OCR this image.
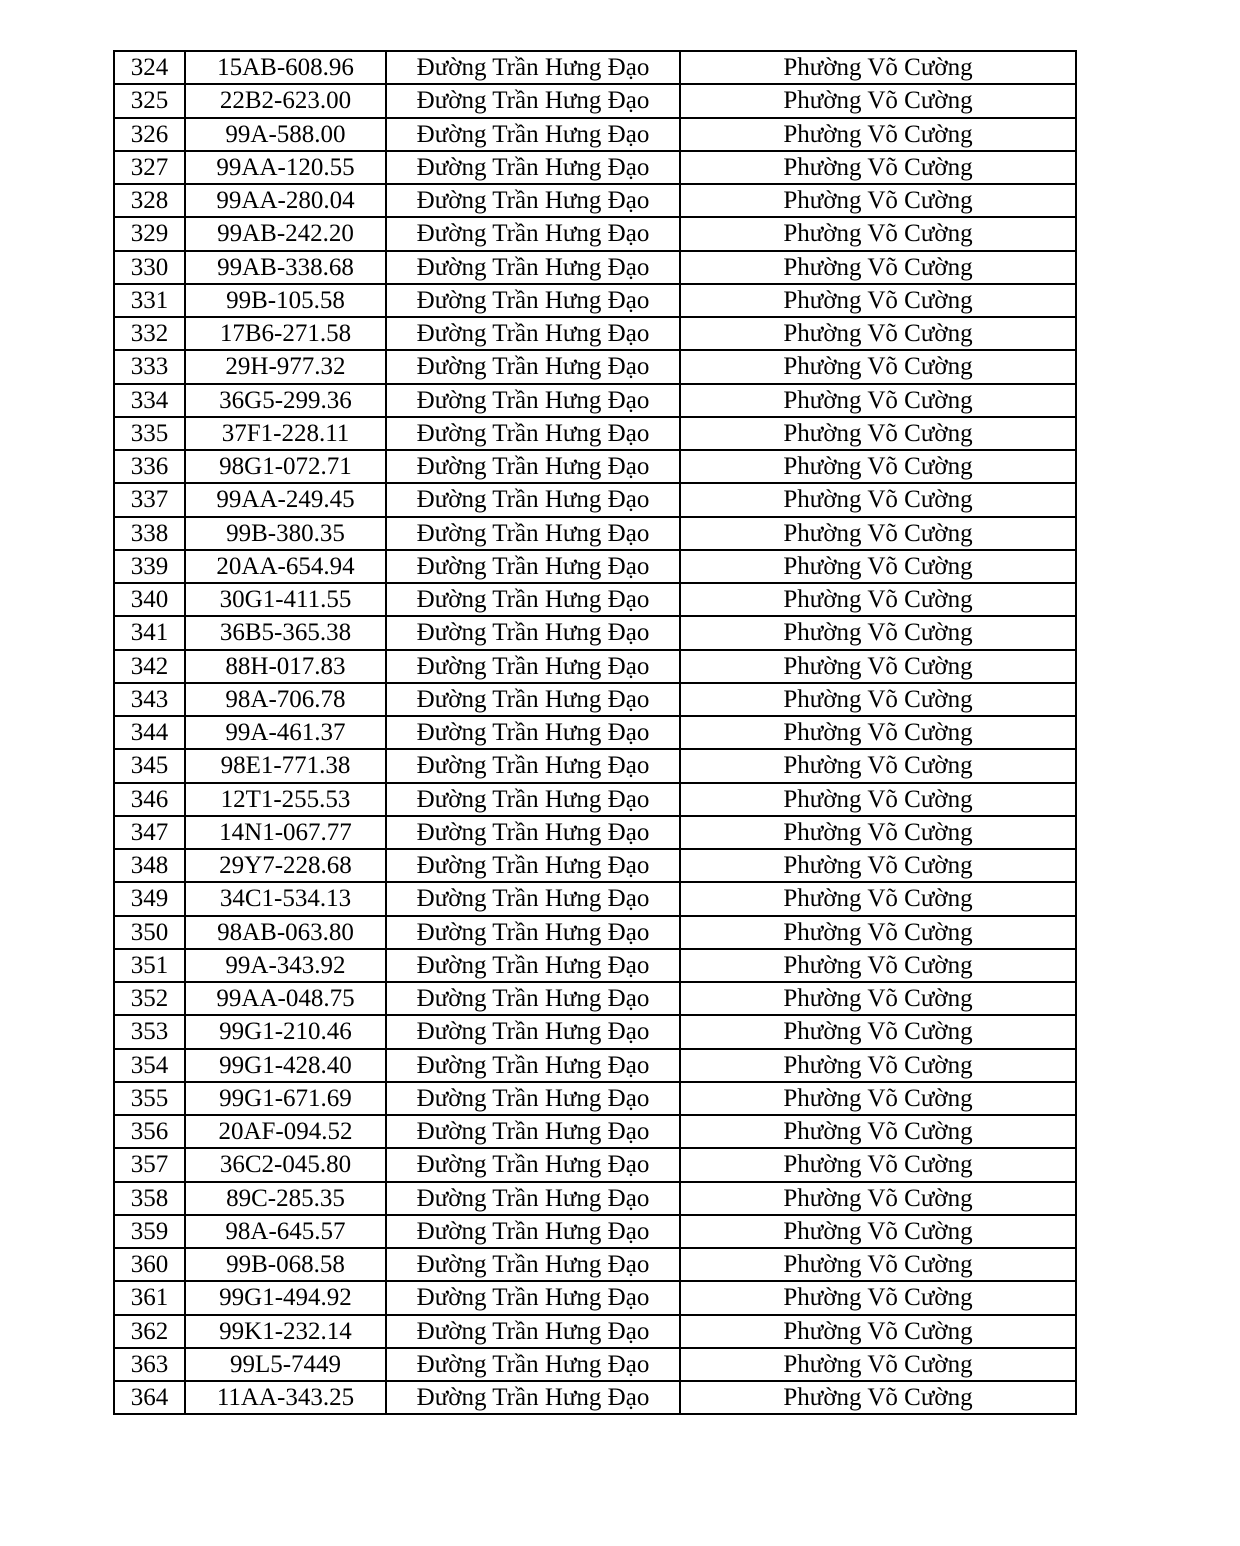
324	15AB-608.96	Đường Trần Hưng Đạo	Phường Võ Cường
325	22B2-623.00	Đường Trần Hưng Đạo	Phường Võ Cường
326	99A-588.00	Đường Trần Hưng Đạo	Phường Võ Cường
327	99AA-120.55	Đường Trần Hưng Đạo	Phường Võ Cường
328	99AA-280.04	Đường Trần Hưng Đạo	Phường Võ Cường
329	99AB-242.20	Đường Trần Hưng Đạo	Phường Võ Cường
330	99AB-338.68	Đường Trần Hưng Đạo	Phường Võ Cường
331	99B-105.58	Đường Trần Hưng Đạo	Phường Võ Cường
332	17B6-271.58	Đường Trần Hưng Đạo	Phường Võ Cường
333	29H-977.32	Đường Trần Hưng Đạo	Phường Võ Cường
334	36G5-299.36	Đường Trần Hưng Đạo	Phường Võ Cường
335	37F1-228.11	Đường Trần Hưng Đạo	Phường Võ Cường
336	98G1-072.71	Đường Trần Hưng Đạo	Phường Võ Cường
337	99AA-249.45	Đường Trần Hưng Đạo	Phường Võ Cường
338	99B-380.35	Đường Trần Hưng Đạo	Phường Võ Cường
339	20AA-654.94	Đường Trần Hưng Đạo	Phường Võ Cường
340	30G1-411.55	Đường Trần Hưng Đạo	Phường Võ Cường
341	36B5-365.38	Đường Trần Hưng Đạo	Phường Võ Cường
342	88H-017.83	Đường Trần Hưng Đạo	Phường Võ Cường
343	98A-706.78	Đường Trần Hưng Đạo	Phường Võ Cường
344	99A-461.37	Đường Trần Hưng Đạo	Phường Võ Cường
345	98E1-771.38	Đường Trần Hưng Đạo	Phường Võ Cường
346	12T1-255.53	Đường Trần Hưng Đạo	Phường Võ Cường
347	14N1-067.77	Đường Trần Hưng Đạo	Phường Võ Cường
348	29Y7-228.68	Đường Trần Hưng Đạo	Phường Võ Cường
349	34C1-534.13	Đường Trần Hưng Đạo	Phường Võ Cường
350	98AB-063.80	Đường Trần Hưng Đạo	Phường Võ Cường
351	99A-343.92	Đường Trần Hưng Đạo	Phường Võ Cường
352	99AA-048.75	Đường Trần Hưng Đạo	Phường Võ Cường
353	99G1-210.46	Đường Trần Hưng Đạo	Phường Võ Cường
354	99G1-428.40	Đường Trần Hưng Đạo	Phường Võ Cường
355	99G1-671.69	Đường Trần Hưng Đạo	Phường Võ Cường
356	20AF-094.52	Đường Trần Hưng Đạo	Phường Võ Cường
357	36C2-045.80	Đường Trần Hưng Đạo	Phường Võ Cường
358	89C-285.35	Đường Trần Hưng Đạo	Phường Võ Cường
359	98A-645.57	Đường Trần Hưng Đạo	Phường Võ Cường
360	99B-068.58	Đường Trần Hưng Đạo	Phường Võ Cường
361	99G1-494.92	Đường Trần Hưng Đạo	Phường Võ Cường
362	99K1-232.14	Đường Trần Hưng Đạo	Phường Võ Cường
363	99L5-7449	Đường Trần Hưng Đạo	Phường Võ Cường
364	11AA-343.25	Đường Trần Hưng Đạo	Phường Võ Cường
